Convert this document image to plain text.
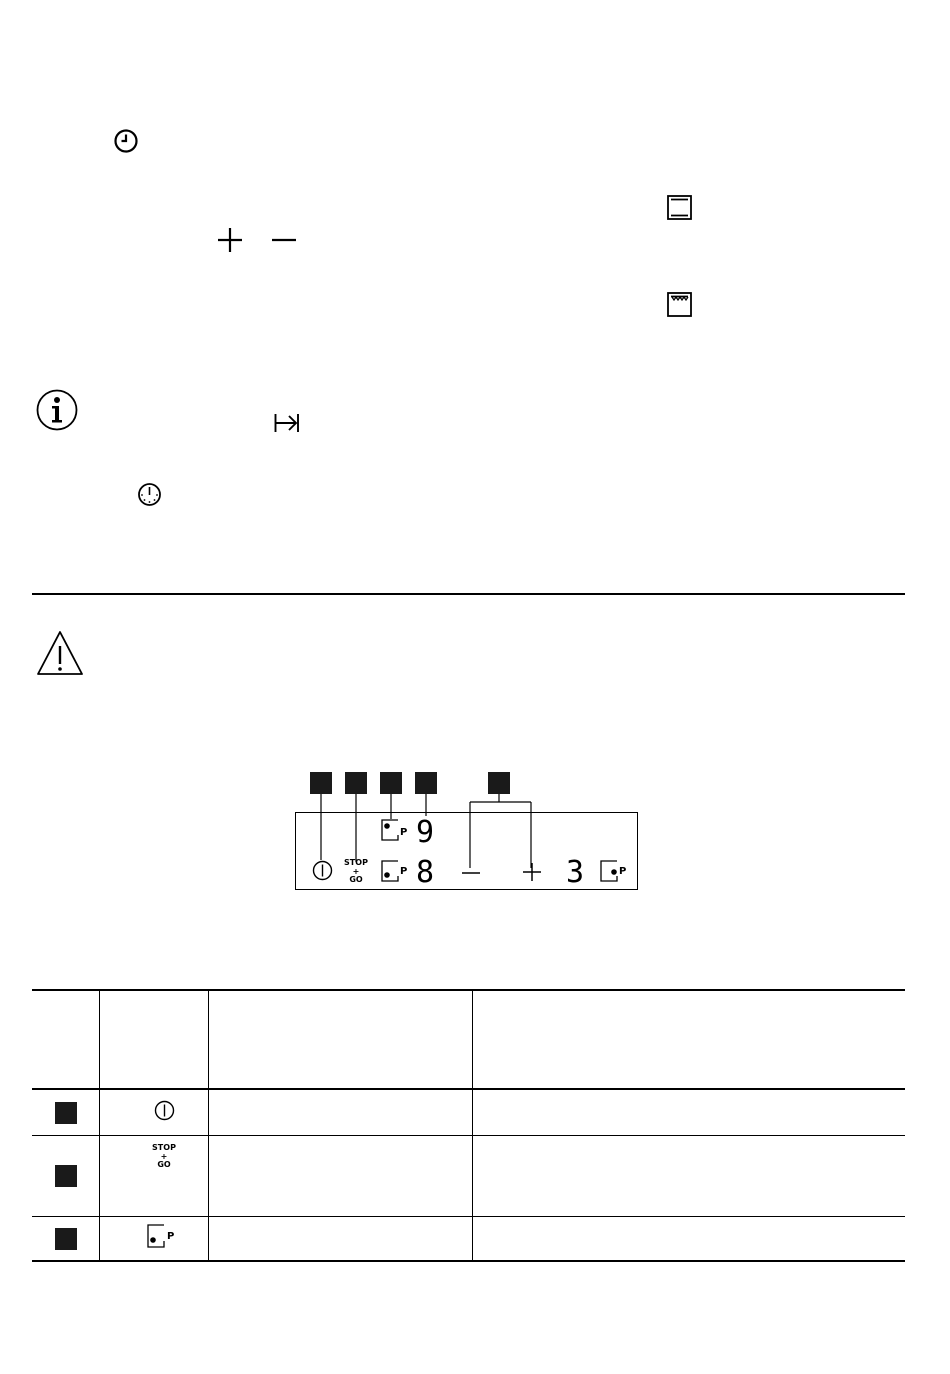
STOP
+
GO
P 9
P 8	3	P
STOP
+
GO
P
